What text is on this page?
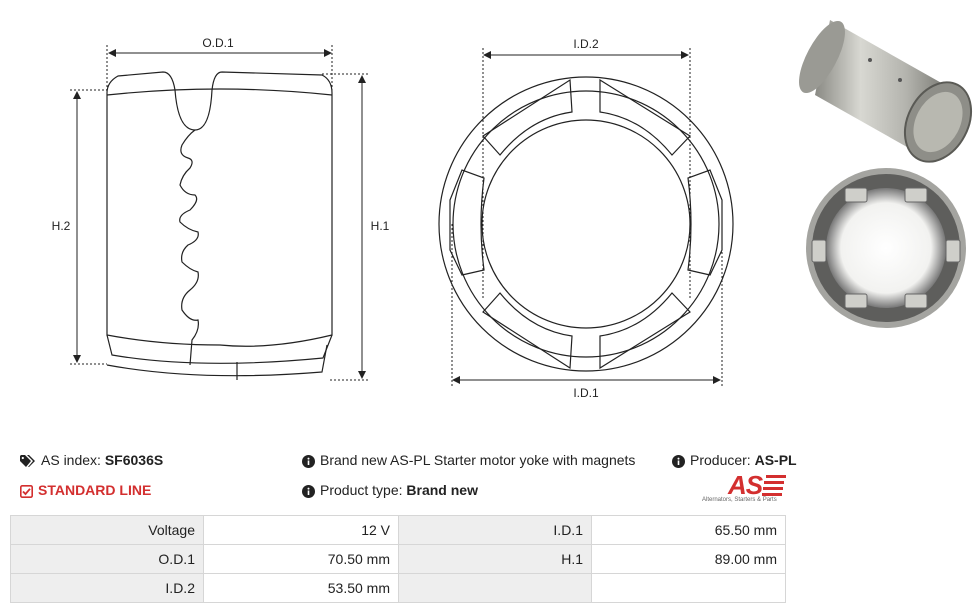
O.D.1
H.2	H.1
I.D.2
I.D.1
AS index: SF6036S	Brand new AS-PL Starter motor yoke with magnets	Producer: AS-PL
STANDARD LINE	Product type: Brand new	AS
Alternators, Starters & Parts
Voltage	12 V	I.D.1	65.50 mm
O.D.1	70.50 mm	H.1	89.00 mm
I.D.2	53.50 mm		
